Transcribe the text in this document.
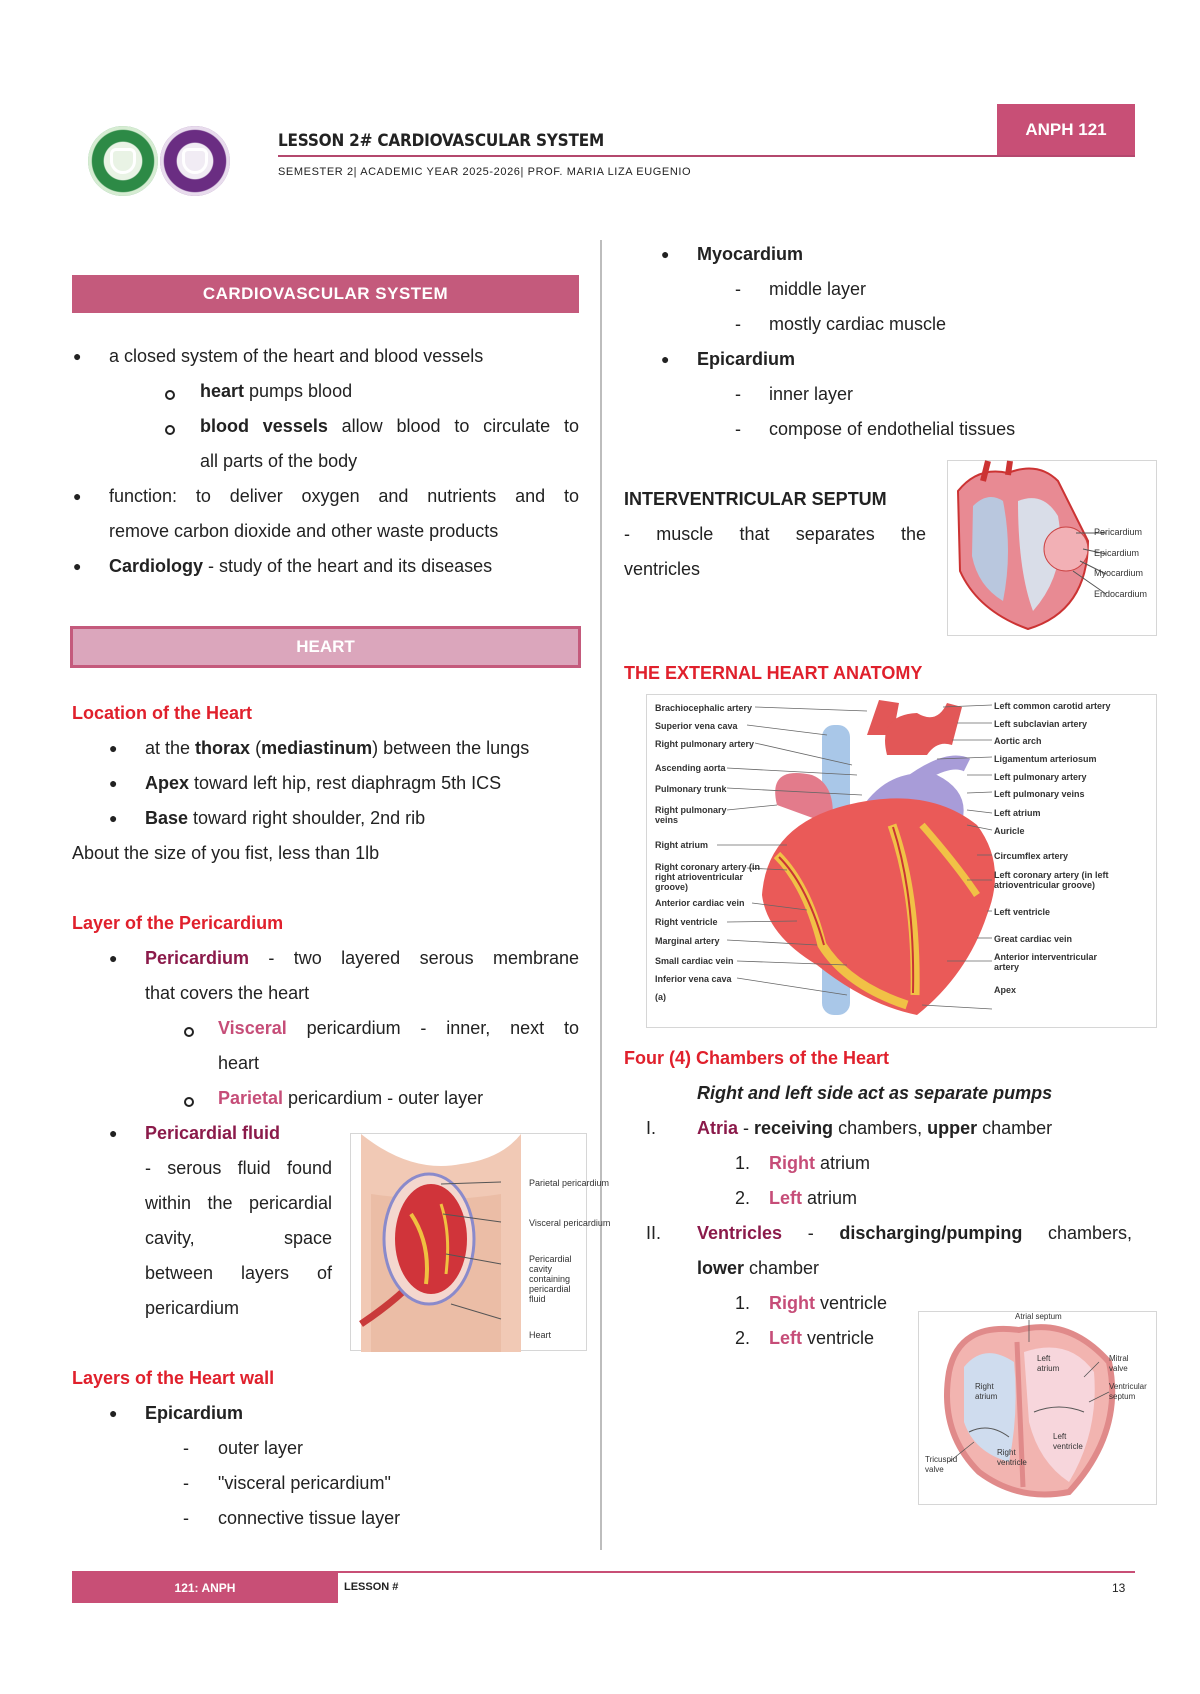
LESSON 2# CARDIOVASCULAR SYSTEM
SEMESTER 2| ACADEMIC YEAR 2025-2026| PROF. MARIA LIZA EUGENIO
ANPH 121
CARDIOVASCULAR SYSTEM
● a closed system of the heart and blood vessels
heart pumps blood
blood vessels allow blood to circulate to
all parts of the body
● function: to deliver oxygen and nutrients and to
remove carbon dioxide and other waste products
● Cardiology - study of the heart and its diseases
HEART
Location of the Heart
● at the thorax (mediastinum) between the lungs
● Apex toward left hip, rest diaphragm 5th ICS
● Base toward right shoulder, 2nd rib
About the size of you fist, less than 1lb
Layer of the Pericardium
● Pericardium - two layered serous membrane
that covers the heart
Visceral pericardium - inner, next to
heart
Parietal pericardium - outer layer
● Pericardial fluid
- serous fluid found
within the pericardial
cavity, space
between layers of
pericardium
Parietal pericardium
Visceral pericardium
Pericardial cavity containing pericardial fluid
Heart
Layers of the Heart wall
● Epicardium
- outer layer
- "visceral pericardium"
- connective tissue layer
● Myocardium
- middle layer
- mostly cardiac muscle
● Epicardium
- inner layer
- compose of endothelial tissues
INTERVENTRICULAR SEPTUM
- muscle that separates the
ventricles
Pericardium
Epicardium
Myocardium
Endocardium
THE EXTERNAL HEART ANATOMY
Brachiocephalic artery
Superior vena cava
Right pulmonary artery
Ascending aorta
Pulmonary trunk
Right pulmonary veins
Right atrium
Right coronary artery (in right atrioventricular groove)
Anterior cardiac vein
Right ventricle
Marginal artery
Small cardiac vein
Inferior vena cava
(a)
Left common carotid artery
Left subclavian artery
Aortic arch
Ligamentum arteriosum
Left pulmonary artery
Left pulmonary veins
Left atrium
Auricle
Circumflex artery
Left coronary artery (in left atrioventricular groove)
Left ventricle
Great cardiac vein
Anterior interventricular artery
Apex
Four (4) Chambers of the Heart
Right and left side act as separate pumps
I. Atria - receiving chambers, upper chamber
1. Right atrium
2. Left atrium
II. Ventricles - discharging/pumping chambers,
lower chamber
1. Right ventricle
2. Left ventricle
Atrial septum
Left atrium
Mitral valve
Right atrium
Ventricular septum
Right ventricle
Left ventricle
Tricuspid valve
121: ANPH	LESSON #	13
